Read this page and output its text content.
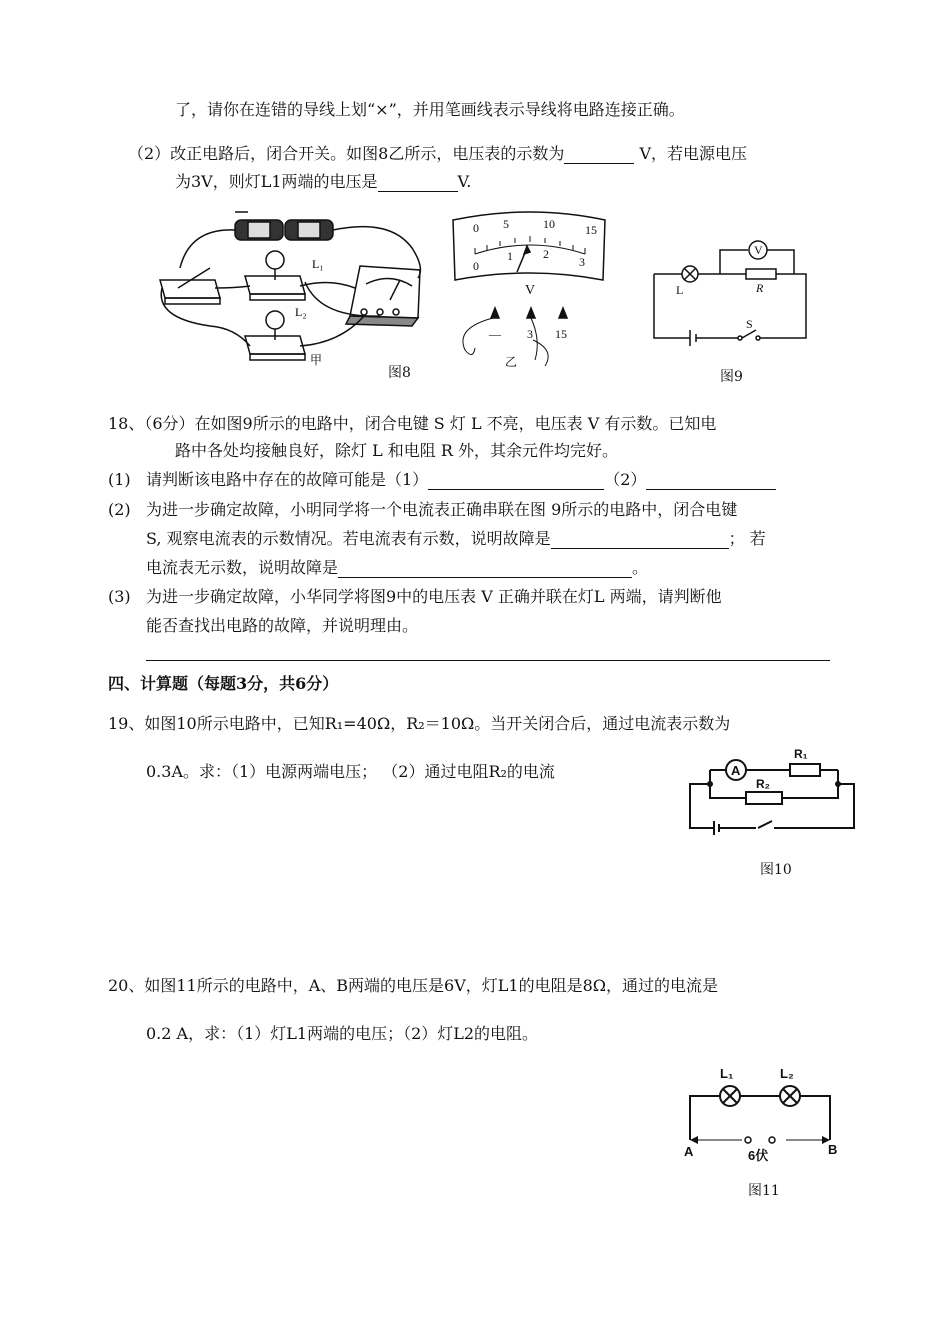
了，请你在连错的导线上划“×”，并用笔画线表示导线将电路连接正确。
（2）改正电路后，闭合开关。如图8乙所示，电压表的示数为	V，若电源电压
为3V，则灯L1两端的电压是	V.
L₁
L₂
甲
0 5	10	15
0
1	2
3
V
— 3 15
乙
图8
V
L	R
S
图9
18、（6分）在如图9所示的电路中，闭合电键 S 灯 L 不亮，电压表 V 有示数。已知电
路中各处均接触良好，除灯 L 和电阻 R 外，其余元件均完好。
(1) 请判断该电路中存在的故障可能是（1）	（2）
(2) 为进一步确定故障，小明同学将一个电流表正确串联在图 9所示的电路中，闭合电键
S, 观察电流表的示数情况。若电流表有示数，说明故障是	； 若
电流表无示数，说明故障是	。
(3) 为进一步确定故障，小华同学将图9中的电压表 V 正确并联在灯L 两端，请判断他
能否查找出电路的故障，并说明理由。
四、计算题（每题3分，共6分）
19、如图10所示电路中，已知R₁=40Ω，R₂＝10Ω。当开关闭合后，通过电流表示数为
0.3A。求：（1）电源两端电压； （2）通过电阻R₂的电流	A
R₁
R₂
图10
20、如图11所示的电路中，A、B两端的电压是6V，灯L1的电阻是8Ω，通过的电流是
0.2 A，求：（1）灯L1两端的电压；（2）灯L2的电阻。
L₁	L₂
A	B
6伏
图11
